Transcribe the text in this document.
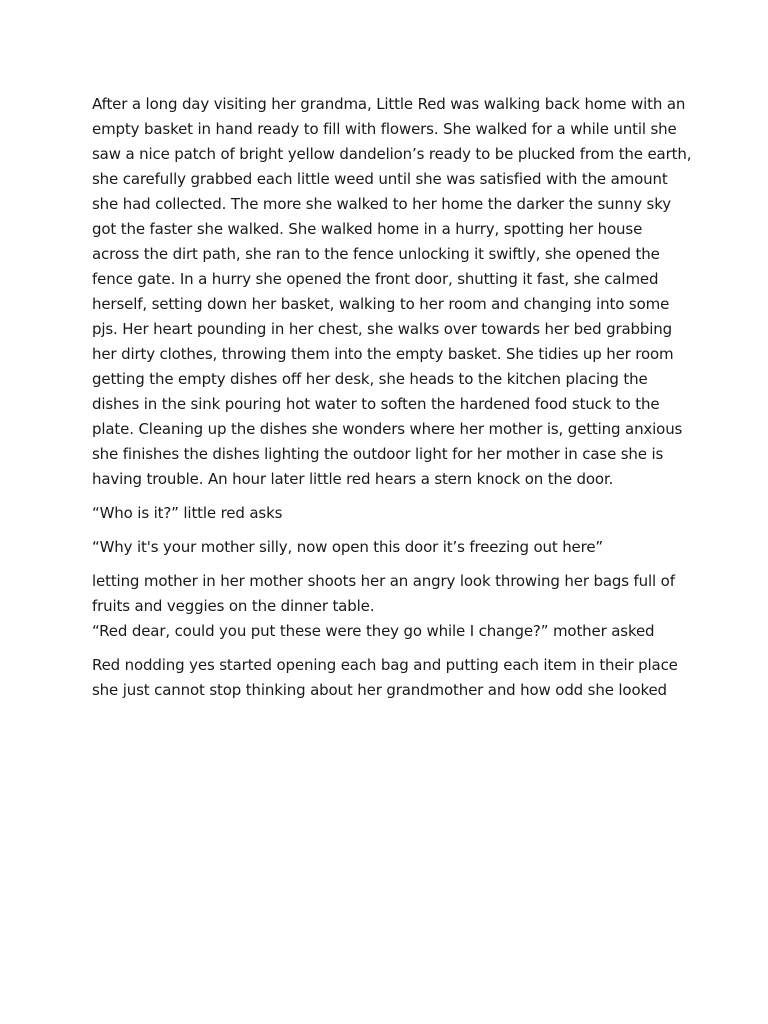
After a long day visiting her grandma, Little Red was walking back home with an empty basket in hand ready to fill with flowers. She walked for a while until she saw a nice patch of bright yellow dandelion’s ready to be plucked from the earth, she carefully grabbed each little weed until she was satisfied with the amount she had collected. The more she walked to her home the darker the sunny sky got the faster she walked. She walked home in a hurry, spotting her house across the dirt path, she ran to the fence unlocking it swiftly, she opened the fence gate. In a hurry she opened the front door, shutting it fast, she calmed herself, setting down her basket, walking to her room and changing into some pjs. Her heart pounding in her chest, she walks over towards her bed grabbing her dirty clothes, throwing them into the empty basket. She tidies up her room getting the empty dishes off her desk, she heads to the kitchen placing the dishes in the sink pouring hot water to soften the hardened food stuck to the plate. Cleaning up the dishes she wonders where her mother is, getting anxious she finishes the dishes lighting the outdoor light for her mother in case she is having trouble. An hour later little red hears a stern knock on the door.

“Who is it?” little red asks

“Why it's your mother silly, now open this door it’s freezing out here”

letting mother in her mother shoots her an angry look throwing her bags full of fruits and veggies on the dinner table.

“Red dear, could you put these were they go while I change?” mother asked

Red nodding yes started opening each bag and putting each item in their place she just cannot stop thinking about her grandmother and how odd she looked
